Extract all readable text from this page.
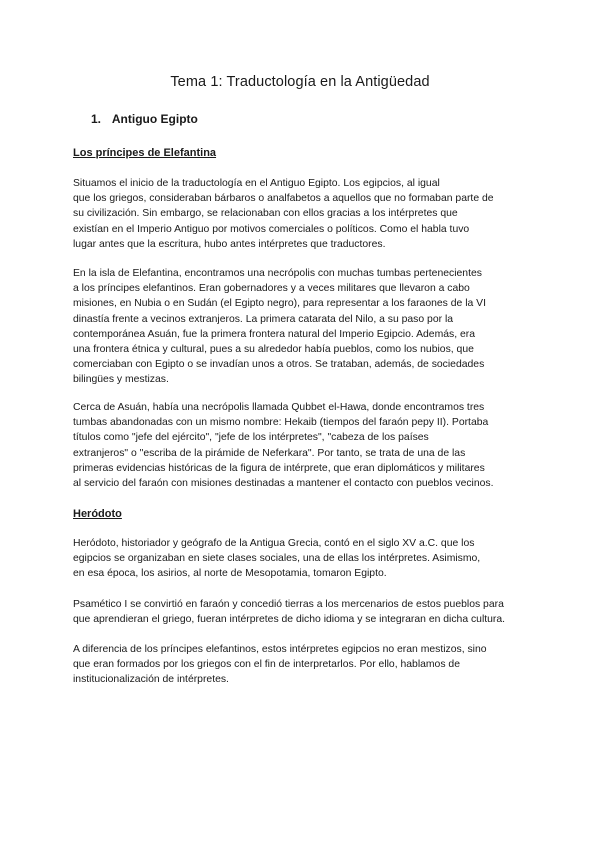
Tema 1: Traductología en la Antigüedad
1. Antiguo Egipto
Los príncipes de Elefantina

Situamos el inicio de la traductología en el Antiguo Egipto. Los egipcios, al igual
que los griegos, consideraban bárbaros o analfabetos a aquellos que no formaban parte de
su civilización. Sin embargo, se relacionaban con ellos gracias a los intérpretes que
existían en el Imperio Antiguo por motivos comerciales o políticos. Como el habla tuvo
lugar antes que la escritura, hubo antes intérpretes que traductores.

En la isla de Elefantina, encontramos una necrópolis con muchas tumbas pertenecientes
a los príncipes elefantinos. Eran gobernadores y a veces militares que llevaron a cabo
misiones, en Nubia o en Sudán (el Egipto negro), para representar a los faraones de la VI
dinastía frente a vecinos extranjeros. La primera catarata del Nilo, a su paso por la
contemporánea Asuán, fue la primera frontera natural del Imperio Egipcio. Además, era
una frontera étnica y cultural, pues a su alrededor había pueblos, como los nubios, que
comerciaban con Egipto o se invadían unos a otros. Se trataban, además, de sociedades
bilingües y mestizas.

Cerca de Asuán, había una necrópolis llamada Qubbet el-Hawa, donde encontramos tres
tumbas abandonadas con un mismo nombre: Hekaib (tiempos del faraón pepy II). Portaba
títulos como "jefe del ejército", "jefe de los intérpretes", "cabeza de los países
extranjeros" o "escriba de la pirámide de Neferkara". Por tanto, se trata de una de las
primeras evidencias históricas de la figura de intérprete, que eran diplomáticos y militares
al servicio del faraón con misiones destinadas a mantener el contacto con pueblos vecinos.

Heródoto

Heródoto, historiador y geógrafo de la Antigua Grecia, contó en el siglo XV a.C. que los
egipcios se organizaban en siete clases sociales, una de ellas los intérpretes. Asimismo,
en esa época, los asirios, al norte de Mesopotamia, tomaron Egipto.

Psamético I se convirtió en faraón y concedió tierras a los mercenarios de estos pueblos para
que aprendieran el griego, fueran intérpretes de dicho idioma y se integraran en dicha cultura.

A diferencia de los príncipes elefantinos, estos intérpretes egipcios no eran mestizos, sino
que eran formados por los griegos con el fin de interpretarlos. Por ello, hablamos de
institucionalización de intérpretes.
